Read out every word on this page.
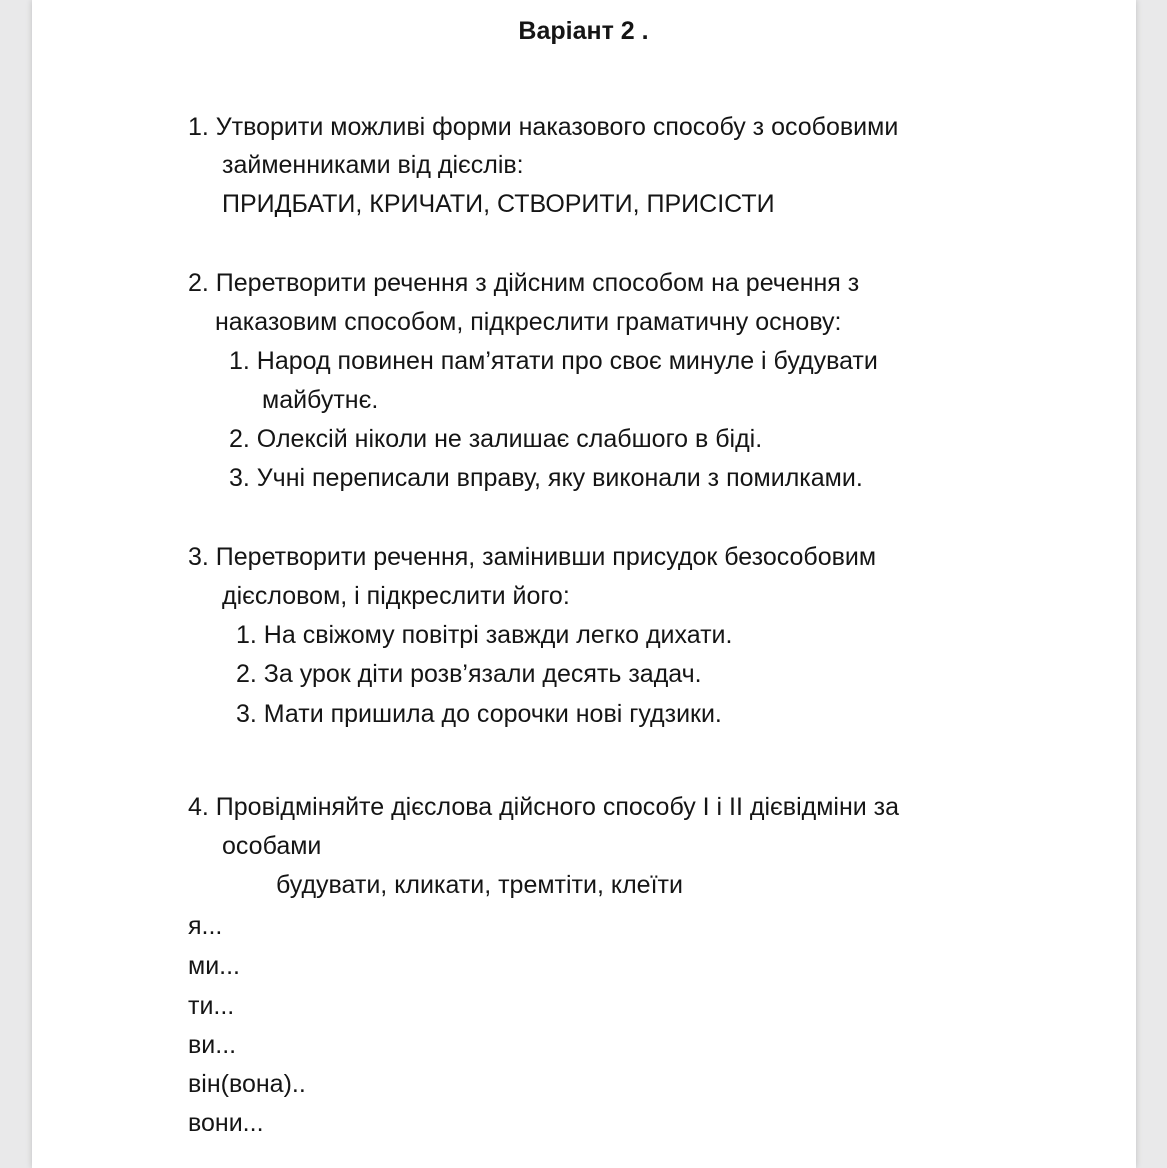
Варіант 2 .
1. Утворити можливі форми наказового способу з особовими
займенниками від дієслів:
ПРИДБАТИ, КРИЧАТИ, СТВОРИТИ, ПРИСІСТИ
2. Перетворити речення з дійсним способом на речення з
наказовим способом, підкреслити граматичну основу:
1. Народ повинен пам’ятати про своє минуле і будувати
майбутнє.
2. Олексій ніколи не залишає слабшого в біді.
3. Учні переписали вправу, яку виконали з помилками.
3. Перетворити речення, замінивши присудок безособовим
дієсловом, і підкреслити його:
1. На свіжому повітрі завжди легко дихати.
2. За урок діти розв’язали десять задач.
3. Мати пришила до сорочки нові гудзики.
4. Провідміняйте дієслова дійсного способу І і ІІ дієвідміни за
особами
будувати, кликати, тремтіти, клеїти
я...
ми...
ти...
ви...
він(вона)..
вони...
